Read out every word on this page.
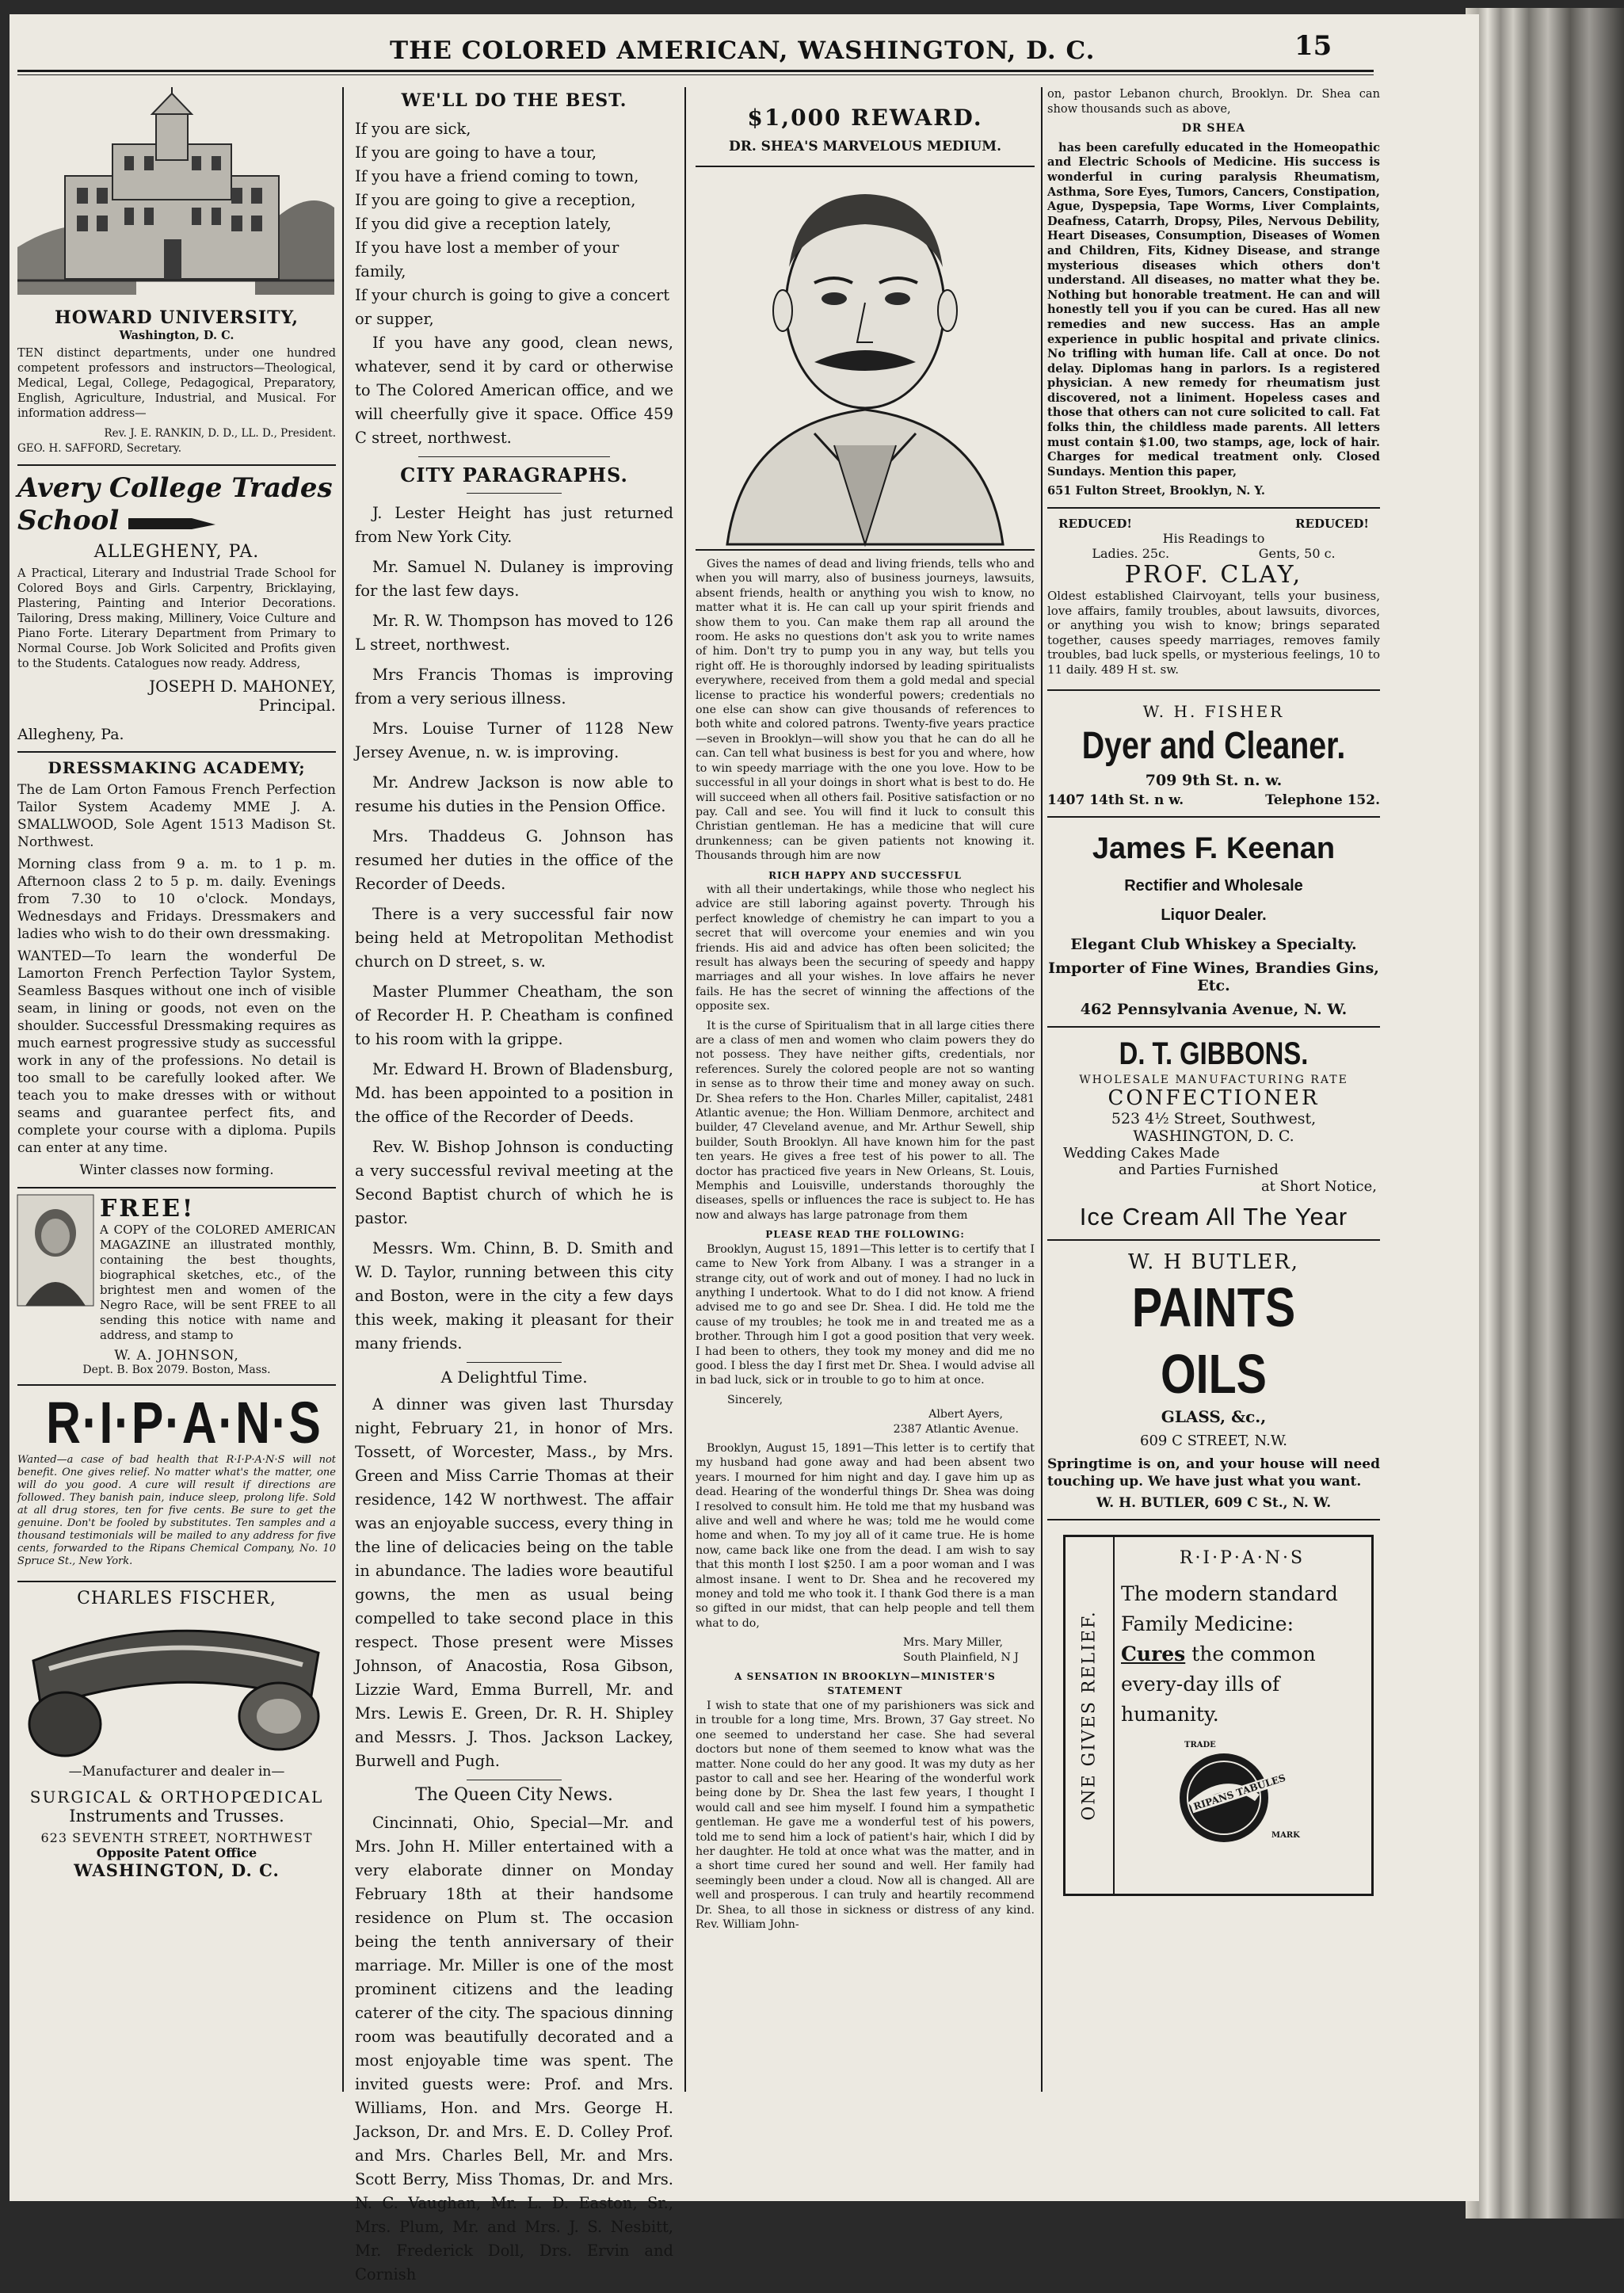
THE COLORED AMERICAN, WASHINGTON, D. C.	15
HOWARD UNIVERSITY,
Washington, D. C.

TEN distinct departments, under one hundred competent professors and instructors—Theological, Medical, Legal, College, Pedagogical, Preparatory, English, Agriculture, Industrial, and Musical. For information address—

Rev. J. E. RANKIN, D. D., LL. D., President.
GEO. H. SAFFORD, Secretary.
Avery College Trades
School
ALLEGHENY, PA.

A Practical, Literary and Industrial Trade School for Colored Boys and Girls. Carpentry, Bricklaying, Plastering, Painting and Interior Decorations. Tailoring, Dress making, Millinery, Voice Culture and Piano Forte. Literary Department from Primary to Normal Course. Job Work Solicited and Profits given to the Students. Catalogues now ready. Address,

JOSEPH D. MAHONEY,
Principal.
Allegheny, Pa.
DRESSMAKING ACADEMY;

The de Lam Orton Famous French Perfection Tailor System Academy MME J. A. SMALLWOOD, Sole Agent 1513 Madison St. Northwest.

Morning class from 9 a. m. to 1 p. m. Afternoon class 2 to 5 p. m. daily. Evenings from 7.30 to 10 o'clock. Mondays, Wednesdays and Fridays. Dressmakers and ladies who wish to do their own dressmaking.

WANTED—To learn the wonderful De Lamorton French Perfection Taylor System, Seamless Basques without one inch of visible seam, in lining or goods, not even on the shoulder. Successful Dressmaking requires as much earnest progressive study as successful work in any of the professions. No detail is too small to be carefully looked after. We teach you to make dresses with or without seams and guarantee perfect fits, and complete your course with a diploma. Pupils can enter at any time.

Winter classes now forming.
FREE!

A COPY of the COLORED AMERICAN MAGAZINE an illustrated monthly, containing the best thoughts, biographical sketches, etc., of the brightest men and women of the Negro Race, will be sent FREE to all sending this notice with name and address, and stamp to

W. A. JOHNSON,
Dept. B. Box 2079. Boston, Mass.
R·I·P·A·N·S

Wanted—a case of bad health that R·I·P·A·N·S will not benefit. One gives relief. No matter what's the matter, one will do you good. A cure will result if directions are followed. They banish pain, induce sleep, prolong life. Sold at all drug stores, ten for five cents. Be sure to get the genuine. Don't be fooled by substitutes. Ten samples and a thousand testimonials will be mailed to any address for five cents, forwarded to the Ripans Chemical Company, No. 10 Spruce St., New York.

CHARLES FISCHER,
—Manufacturer and dealer in—
SURGICAL & ORTHOPŒDICAL
Instruments and Trusses.
623 SEVENTH STREET, NORTHWEST
Opposite Patent Office
WASHINGTON, D. C.
WE'LL DO THE BEST.
If you are sick,
If you are going to have a tour,
If you have a friend coming to town,
If you are going to give a reception,
If you did give a reception lately,
If you have lost a member of your family,
If your church is going to give a concert or supper,
If you have any good, clean news, whatever, send it by card or otherwise to The Colored American office, and we will cheerfully give it space. Office 459 C street, northwest.
CITY PARAGRAPHS.

J. Lester Height has just returned from New York City.

Mr. Samuel N. Dulaney is improving for the last few days.

Mr. R. W. Thompson has moved to 126 L street, northwest.

Mrs Francis Thomas is improving from a very serious illness.

Mrs. Louise Turner of 1128 New Jersey Avenue, n. w. is improving.

Mr. Andrew Jackson is now able to resume his duties in the Pension Office.

Mrs. Thaddeus G. Johnson has resumed her duties in the office of the Recorder of Deeds.

There is a very successful fair now being held at Metropolitan Methodist church on D street, s. w.

Master Plummer Cheatham, the son of Recorder H. P. Cheatham is confined to his room with la grippe.

Mr. Edward H. Brown of Bladensburg, Md. has been appointed to a position in the office of the Recorder of Deeds.

Rev. W. Bishop Johnson is conducting a very successful revival meeting at the Second Baptist church of which he is pastor.

Messrs. Wm. Chinn, B. D. Smith and W. D. Taylor, running between this city and Boston, were in the city a few days this week, making it pleasant for their many friends.

A Delightful Time.

A dinner was given last Thursday night, February 21, in honor of Mrs. Tossett, of Worcester, Mass., by Mrs. Green and Miss Carrie Thomas at their residence, 142 W northwest. The affair was an enjoyable success, every thing in the line of delicacies being on the table in abundance. The ladies wore beautiful gowns, the men as usual being compelled to take second place in this respect. Those present were Misses Johnson, of Anacostia, Rosa Gibson, Lizzie Ward, Emma Burrell, Mr. and Mrs. Lewis E. Green, Dr. R. H. Shipley and Messrs. J. Thos. Jackson Lackey, Burwell and Pugh.

The Queen City News.

Cincinnati, Ohio, Special—Mr. and Mrs. John H. Miller entertained with a very elaborate dinner on Monday February 18th at their handsome residence on Plum st. The occasion being the tenth anniversary of their marriage. Mr. Miller is one of the most prominent citizens and the leading caterer of the city. The spacious dinning room was beautifully decorated and a most enjoyable time was spent. The invited guests were: Prof. and Mrs. Williams, Hon. and Mrs. George H. Jackson, Dr. and Mrs. E. D. Colley Prof. and Mrs. Charles Bell, Mr. and Mrs. Scott Berry, Miss Thomas, Dr. and Mrs. N. C. Vaughan, Mr. L. D. Easton, Sr., Mrs. Plum, Mr. and Mrs. J. S. Nesbitt, Mr. Frederick Doll, Drs. Ervin and Cornish

$1,000 REWARD.
DR. SHEA'S MARVELOUS MEDIUM.

Gives the names of dead and living friends, tells who and when you will marry, also of business journeys, lawsuits, absent friends, health or anything you wish to know, no matter what it is. He can call up your spirit friends and show them to you. Can make them rap all around the room. He asks no questions don't ask you to write names of him. Don't try to pump you in any way, but tells you right off. He is thoroughly indorsed by leading spiritualists everywhere, received from them a gold medal and special license to practice his wonderful powers; credentials no one else can show can give thousands of references to both white and colored patrons. Twenty-five years practice—seven in Brooklyn—will show you that he can do all he can. Can tell what business is best for you and where, how to win speedy marriage with the one you love. How to be successful in all your doings in short what is best to do. He will succeed when all others fail. Positive satisfaction or no pay. Call and see. You will find it luck to consult this Christian gentleman. He has a medicine that will cure drunkenness; can be given patients not knowing it. Thousands through him are now

RICH HAPPY AND SUCCESSFUL

with all their undertakings, while those who neglect his advice are still laboring against poverty. Through his perfect knowledge of chemistry he can impart to you a secret that will overcome your enemies and win you friends. His aid and advice has often been solicited; the result has always been the securing of speedy and happy marriages and all your wishes. In love affairs he never fails. He has the secret of winning the affections of the opposite sex.

It is the curse of Spiritualism that in all large cities there are a class of men and women who claim powers they do not possess. They have neither gifts, credentials, nor references. Surely the colored people are not so wanting in sense as to throw their time and money away on such. Dr. Shea refers to the Hon. Charles Miller, capitalist, 2481 Atlantic avenue; the Hon. William Denmore, architect and builder, 47 Cleveland avenue, and Mr. Arthur Sewell, ship builder, South Brooklyn. All have known him for the past ten years. He gives a free test of his power to all. The doctor has practiced five years in New Orleans, St. Louis, Memphis and Louisville, understands thoroughly the diseases, spells or influences the race is subject to. He has now and always has large patronage from them

PLEASE READ THE FOLLOWING:

Brooklyn, August 15, 1891—This letter is to certify that I came to New York from Albany. I was a stranger in a strange city, out of work and out of money. I had no luck in anything I undertook. What to do I did not know. A friend advised me to go and see Dr. Shea. I did. He told me the cause of my troubles; he took me in and treated me as a brother. Through him I got a good position that very week. I had been to others, they took my money and did me no good. I bless the day I first met Dr. Shea. I would advise all in bad luck, sick or in trouble to go to him at once.

Sincerely,
Albert Ayers,
2387 Atlantic Avenue.

Brooklyn, August 15, 1891—This letter is to certify that my husband had gone away and had been absent two years. I mourned for him night and day. I gave him up as dead. Hearing of the wonderful things Dr. Shea was doing I resolved to consult him. He told me that my husband was alive and well and where he was; told me he would come home and when. To my joy all of it came true. He is home now, came back like one from the dead. I am wish to say that this month I lost $250. I am a poor woman and I was almost insane. I went to Dr. Shea and he recovered my money and told me who took it. I thank God there is a man so gifted in our midst, that can help people and tell them what to do,

Mrs. Mary Miller,
South Plainfield, N J
A SENSATION IN BROOKLYN—MINISTER'S STATEMENT

I wish to state that one of my parishioners was sick and in trouble for a long time, Mrs. Brown, 37 Gay street. No one seemed to understand her case. She had several doctors but none of them seemed to know what was the matter. None could do her any good. It was my duty as her pastor to call and see her. Hearing of the wonderful work being done by Dr. Shea the last few years, I thought I would call and see him myself. I found him a sympathetic gentleman. He gave me a wonderful test of his powers, told me to send him a lock of patient's hair, which I did by her daughter. He told at once what was the matter, and in a short time cured her sound and well. Her family had seemingly been under a cloud. Now all is changed. All are well and prosperous. I can truly and heartily recommend Dr. Shea, to all those in sickness or distress of any kind. Rev. William John-

on, pastor Lebanon church, Brooklyn. Dr. Shea can show thousands such as above,

DR SHEA

has been carefully educated in the Homeopathic and Electric Schools of Medicine. His success is wonderful in curing paralysis Rheumatism, Asthma, Sore Eyes, Tumors, Cancers, Constipation, Ague, Dyspepsia, Tape Worms, Liver Complaints, Deafness, Catarrh, Dropsy, Piles, Nervous Debility, Heart Diseases, Consumption, Diseases of Women and Children, Fits, Kidney Disease, and strange mysterious diseases which others don't understand. All diseases, no matter what they be. Nothing but honorable treatment. He can and will honestly tell you if you can be cured. Has all new remedies and new success. Has an ample experience in public hospital and private clinics. No trifling with human life. Call at once. Do not delay. Diplomas hang in parlors. Is a registered physician. A new remedy for rheumatism just discovered, not a liniment. Hopeless cases and those that others can not cure solicited to call. Fat folks thin, the childless made parents. All letters must contain $1.00, two stamps, age, lock of hair. Charges for medical treatment only. Closed Sundays. Mention this paper,

651 Fulton Street, Brooklyn, N. Y.
REDUCED!	REDUCED!
His Readings to
Ladies. 25c.	Gents, 50 c.
PROF. CLAY,

Oldest established Clairvoyant, tells your business, love affairs, family troubles, about lawsuits, divorces, or anything you wish to know; brings separated together, causes speedy marriages, removes family troubles, bad luck spells, or mysterious feelings, 10 to 11 daily. 489 H st. sw.

W. H. FISHER
Dyer and Cleaner.
709 9th St. n. w.
1407 14th St. n w.	Telephone 152.
James F. Keenan
Rectifier and Wholesale
Liquor Dealer.
Elegant Club Whiskey a Specialty.
Importer of Fine Wines, Brandies Gins, Etc.
462 Pennsylvania Avenue, N. W.
D. T. GIBBONS.
WHOLESALE MANUFACTURING RATE
CONFECTIONER
523 4½ Street, Southwest,
WASHINGTON, D. C.
Wedding Cakes Made
and Parties Furnished
at Short Notice,
Ice Cream All The Year
W. H BUTLER,
PAINTS OILS
GLASS, &c.,
609 C STREET, N.W.

Springtime is on, and your house will need touching up. We have just what you want.

W. H. BUTLER, 609 C St., N. W.
ONE GIVES RELIEF.
R·I·P·A·N·S
The modern standard Family Medicine: Cures the common every-day ills of humanity.
TRADE
RIPANS TABULES
MARK
